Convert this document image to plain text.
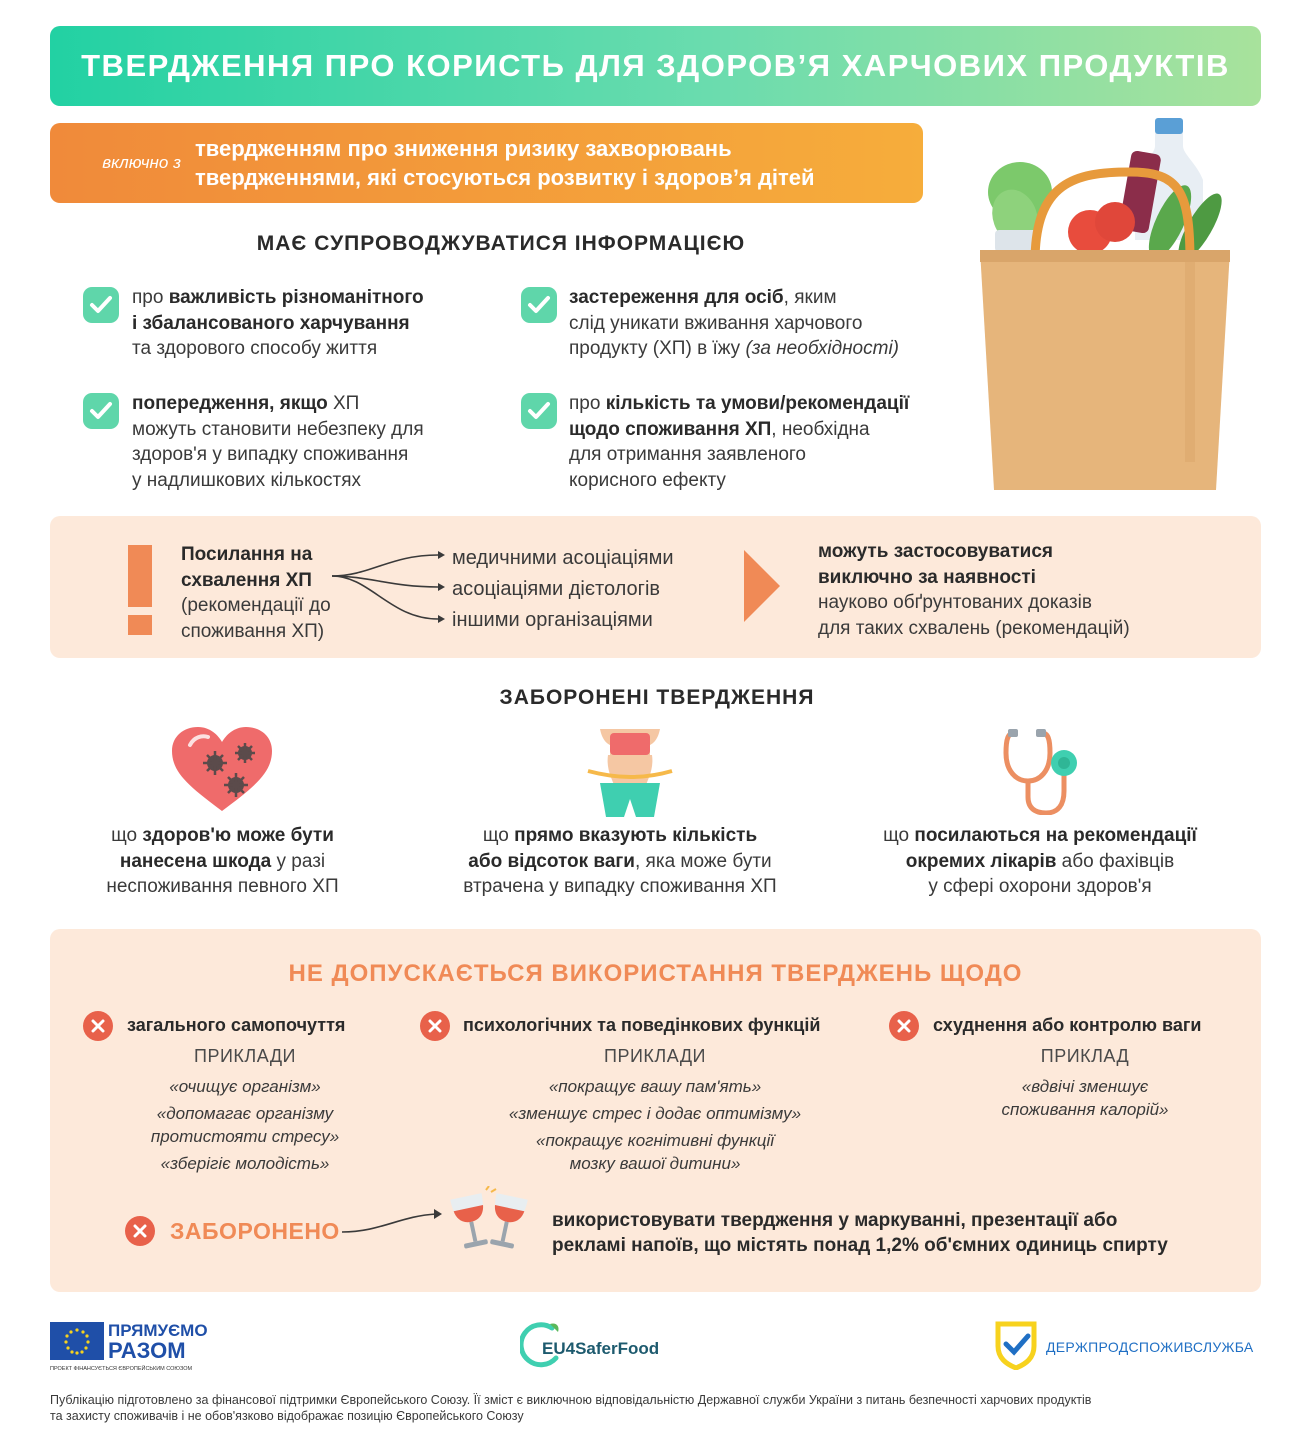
ТВЕРДЖЕННЯ ПРО КОРИСТЬ ДЛЯ ЗДОРОВ’Я ХАРЧОВИХ ПРОДУКТІВ
включно з
твердженням про зниження ризику захворювань
твердженнями, які стосуються розвитку і здоров’я дітей
МАЄ СУПРОВОДЖУВАТИСЯ ІНФОРМАЦІЄЮ
про важливість різноманітного
і збалансованого харчування
та здорового способу життя
застереження для осіб, яким
слід уникати вживання харчового
продукту (ХП) в їжу (за необхідності)
попередження, якщо ХП
можуть становити небезпеку для
здоров'я у випадку споживання
у надлишкових кількостях
про кількість та умови/рекомендації
щодо споживання ХП, необхідна
для отримання заявленого
корисного ефекту
Посилання на
схвалення ХП
(рекомендації до
споживання ХП)
медичними асоціаціями
асоціаціями дієтологів
іншими організаціями
можуть застосовуватися
виключно за наявності
науково обґрунтованих доказів
для таких схвалень (рекомендацій)
ЗАБОРОНЕНІ ТВЕРДЖЕННЯ
що здоров'ю може бути
нанесена шкода у разі
неспоживання певного ХП
що прямо вказують кількість
або відсоток ваги, яка може бути
втрачена у випадку споживання ХП
що посилаються на рекомендації
окремих лікарів або фахівців
у сфері охорони здоров'я
НЕ ДОПУСКАЄТЬСЯ ВИКОРИСТАННЯ ТВЕРДЖЕНЬ ЩОДО
загального самопочуття
ПРИКЛАДИ
«очищує організм»
«допомагає організму
протистояти стресу»
«зберігіє молодість»
психологічних та поведінкових функцій
ПРИКЛАДИ
«покращує вашу пам'ять»
«зменшує стрес і додає оптимізму»
«покращує когнітивні функції
мозку вашої дитини»
схуднення або контролю ваги
ПРИКЛАД
«вдвічі зменшує
споживання калорій»
ЗАБОРОНЕНО	використовувати твердження у маркуванні, презентації або
рекламі напоїв, що містять понад 1,2% об'ємних одиниць спирту
ПРЯМУЄМО
РАЗОМ
ПРОЕКТ ФІНАНСУЄТЬСЯ ЄВРОПЕЙСЬКИМ СОЮЗОМ
EU4SaferFood	ДЕРЖПРОДСПОЖИВСЛУЖБА
Публікацію підготовлено за фінансової підтримки Європейського Союзу. Її зміст є виключною відповідальністю Державної служби України з питань безпечності харчових продуктів
та захисту споживачів і не обов'язково відображає позицію Європейського Союзу
